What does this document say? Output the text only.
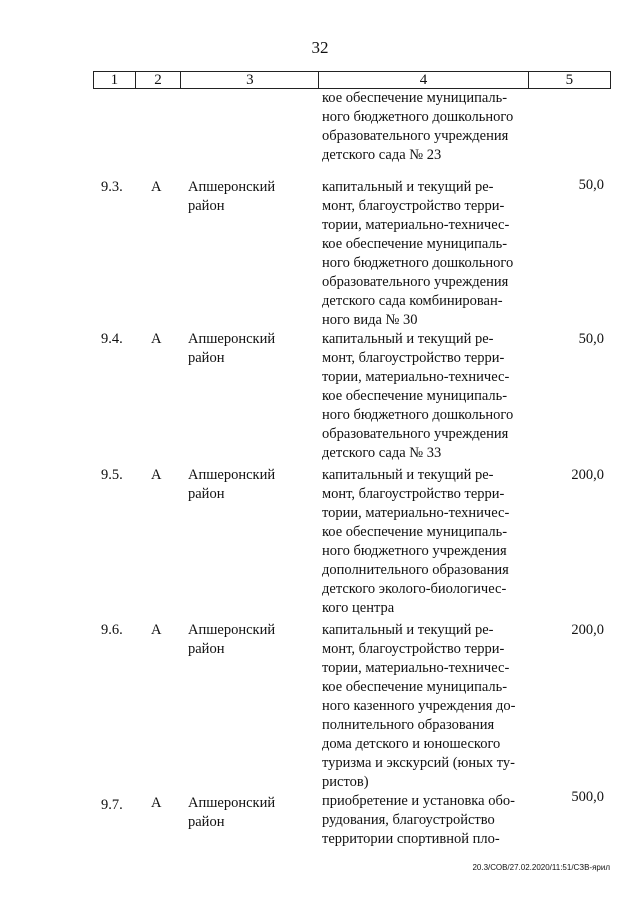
32
1	2	3	4	5
кое обеспечение муниципаль-
ного бюджетного дошкольного
образовательного учреждения
детского сада № 23
9.3. А Апшеронский
район
капитальный и текущий ре-
монт, благоустройство терри-
тории, материально-техничес-
кое обеспечение муниципаль-
ного бюджетного дошкольного
образовательного учреждения
детского сада комбинирован-
ного вида № 30
50,0
9.4. А Апшеронский
район
капитальный и текущий ре-
монт, благоустройство терри-
тории, материально-техничес-
кое обеспечение муниципаль-
ного бюджетного дошкольного
образовательного учреждения
детского сада № 33
50,0
9.5. А Апшеронский
район
капитальный и текущий ре-
монт, благоустройство терри-
тории, материально-техничес-
кое обеспечение муниципаль-
ного бюджетного учреждения
дополнительного образования
детского эколого-биологичес-
кого центра
200,0
9.6. А Апшеронский
район
капитальный и текущий ре-
монт, благоустройство терри-
тории, материально-техничес-
кое обеспечение муниципаль-
ного казенного учреждения до-
полнительного образования
дома детского и юношеского
туризма и экскурсий (юных ту-
ристов)
200,0
9.7. А Апшеронский
район
приобретение и установка обо-
рудования, благоустройство
территории спортивной пло-
500,0
20.3/СОВ/27.02.2020/11:51/СЗВ-ярил
